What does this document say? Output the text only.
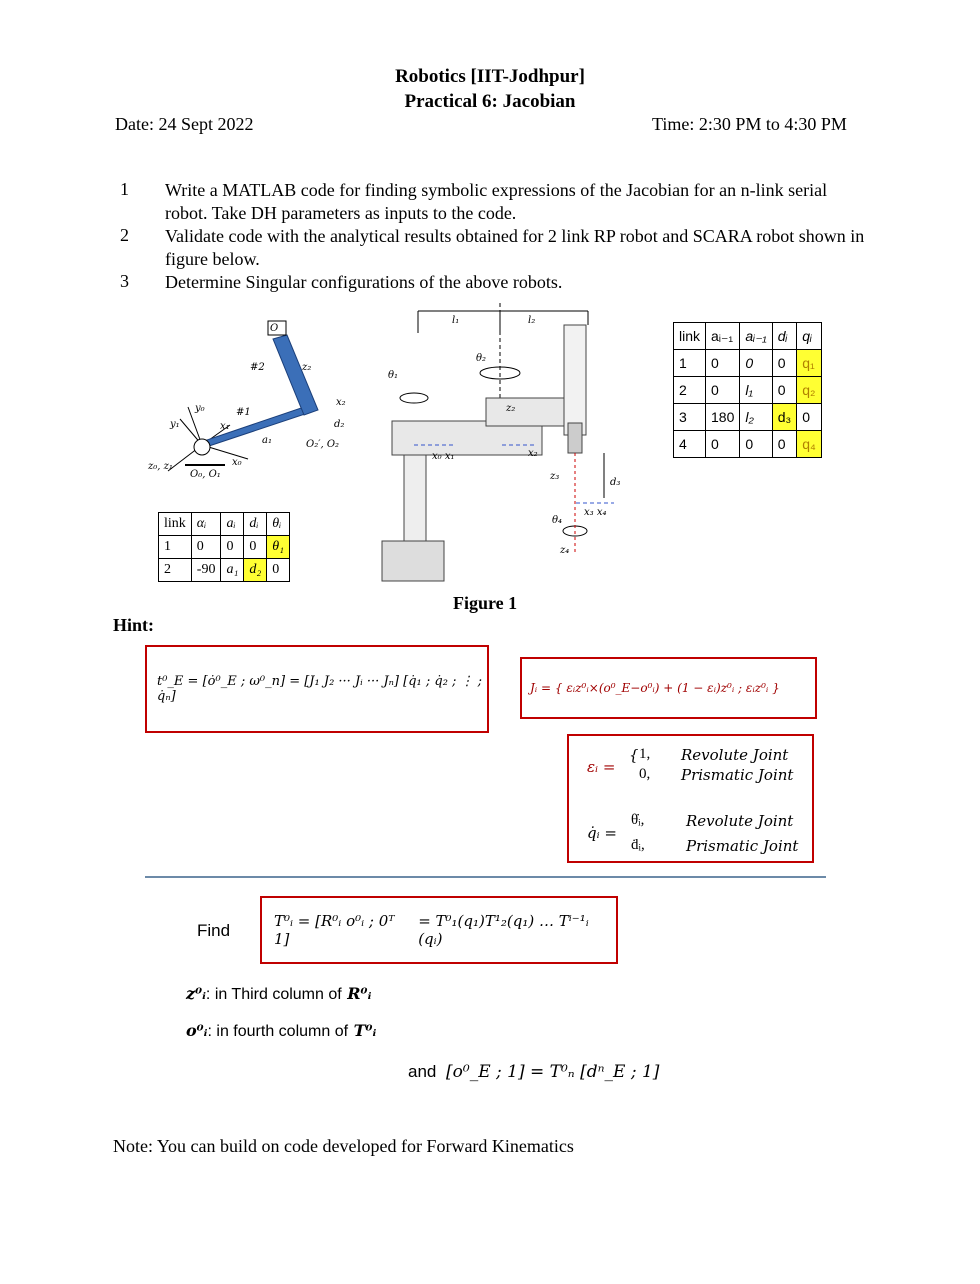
Robotics [IIT-Jodhpur]
Practical 6: Jacobian
Date: 24 Sept 2022	Time: 2:30 PM to 4:30 PM
1 Write a MATLAB code for finding symbolic expressions of the Jacobian for an n-link serial robot. Take DH parameters as inputs to the code.
2 Validate code with the analytical results obtained for 2 link RP robot and SCARA robot shown in figure below.
3 Determine Singular configurations of the above robots.
O
#2
#1
z₂
x₂
d₂
O₂′, O₂
a₁
y₀
x₁
y₁
x₀
z₀, z₁
O₀, O₁
link	αᵢ	aᵢ	dᵢ	θᵢ
1	0	0	0	θ₁
2	-90	a₁	d₂	0
l₁	l₂
θ₂
θ₁
z₂
x₀ x₁	x₂
z₃
d₃
x₃ x₄
θ₄
z₄
Figure 1
link	aᵢ₋₁	aᵢ₋₁	dᵢ	qᵢ
1	0	0	0	q₁
2	0	l₁	0	q₂
3	180	l₂	d₃	0
4	0	0	0	q₄
Hint:
t⁰_E = [ȯ⁰_E ; ω⁰_n] = [J₁ J₂ ··· Jᵢ ··· Jₙ] [q̇₁ ; q̇₂ ; ⋮ ; q̇ₙ]
Jᵢ = { εᵢz⁰ᵢ×(o⁰_E−o⁰ᵢ) + (1 − εᵢ)z⁰ᵢ ; εᵢz⁰ᵢ }
εᵢ =
{ 1,
0,
Revolute Joint
Prismatic Joint
q̇ᵢ =
θ̇ᵢ,
ḋᵢ,
Revolute Joint
Prismatic Joint
Find	T⁰ᵢ = [R⁰ᵢ o⁰ᵢ ; 0ᵀ 1]
= T⁰₁(q₁)T¹₂(q₁) … Tⁱ⁻¹ᵢ (qᵢ)
z⁰ᵢ: in Third column of R⁰ᵢ
o⁰ᵢ: in fourth column of T⁰ᵢ
and  [o⁰_E ; 1] = T⁰ₙ [dⁿ_E ; 1]
Note: You can build on code developed for Forward Kinematics
